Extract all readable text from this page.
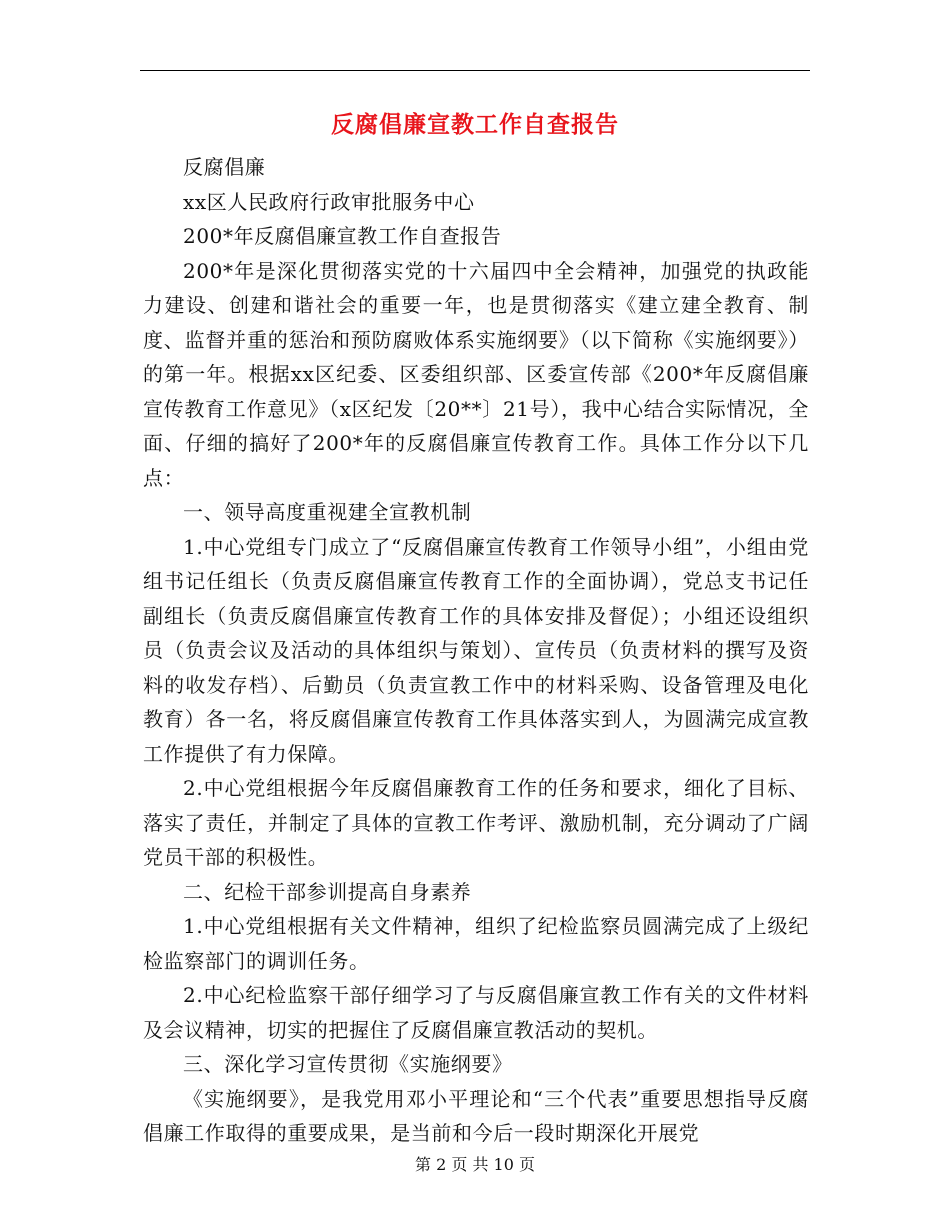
反腐倡廉宣教工作自查报告

反腐倡廉

xx区人民政府行政审批服务中心

200*年反腐倡廉宣教工作自查报告

200*年是深化贯彻落实党的十六届四中全会精神，加强党的执政能力建设、创建和谐社会的重要一年，也是贯彻落实《建立建全教育、制度、监督并重的惩治和预防腐败体系实施纲要》（以下简称《实施纲要》）的第一年。根据xx区纪委、区委组织部、区委宣传部《200*年反腐倡廉宣传教育工作意见》（x区纪发〔20**〕21号），我中心结合实际情况，全面、仔细的搞好了200*年的反腐倡廉宣传教育工作。具体工作分以下几点：

一、领导高度重视建全宣教机制

1.中心党组专门成立了“反腐倡廉宣传教育工作领导小组”，小组由党组书记任组长（负责反腐倡廉宣传教育工作的全面协调），党总支书记任副组长（负责反腐倡廉宣传教育工作的具体安排及督促）；小组还设组织员（负责会议及活动的具体组织与策划）、宣传员（负责材料的撰写及资料的收发存档）、后勤员（负责宣教工作中的材料采购、设备管理及电化教育）各一名，将反腐倡廉宣传教育工作具体落实到人，为圆满完成宣教工作提供了有力保障。

2.中心党组根据今年反腐倡廉教育工作的任务和要求，细化了目标、落实了责任，并制定了具体的宣教工作考评、激励机制，充分调动了广阔党员干部的积极性。

二、纪检干部参训提高自身素养

1.中心党组根据有关文件精神，组织了纪检监察员圆满完成了上级纪检监察部门的调训任务。

2.中心纪检监察干部仔细学习了与反腐倡廉宣教工作有关的文件材料及会议精神，切实的把握住了反腐倡廉宣教活动的契机。

三、深化学习宣传贯彻《实施纲要》

《实施纲要》，是我党用邓小平理论和“三个代表”重要思想指导反腐倡廉工作取得的重要成果，是当前和今后一段时期深化开展党

第 2 页 共 10 页
